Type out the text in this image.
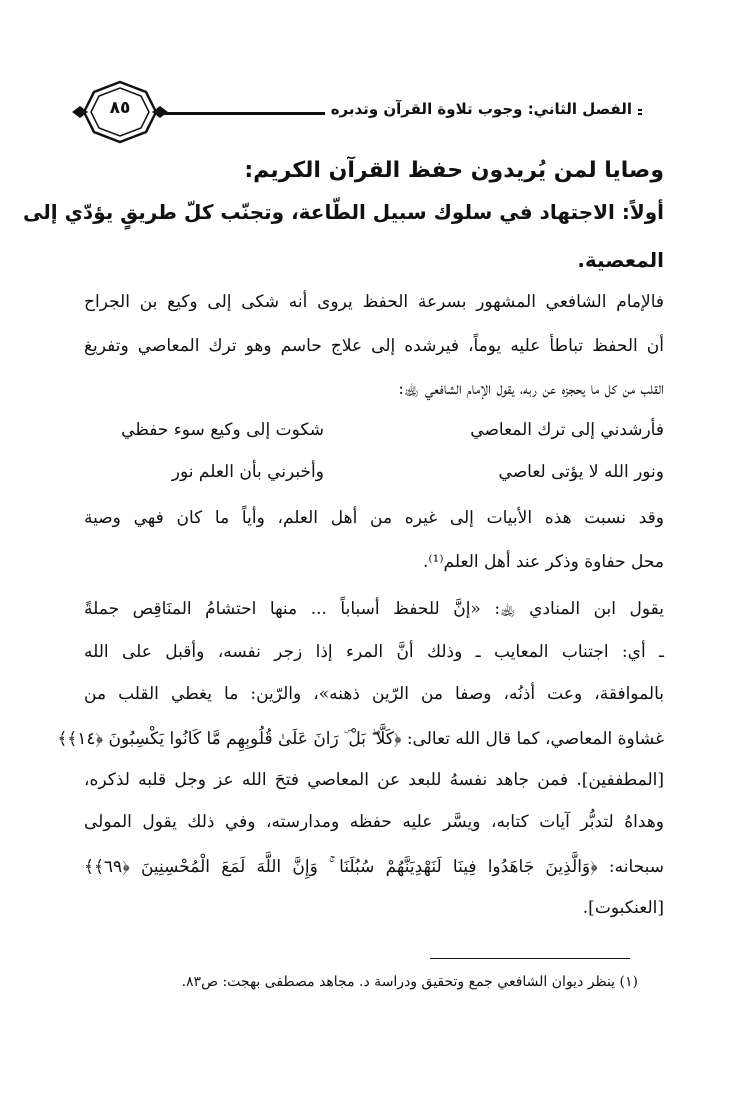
٨٥	الفصل الثاني: وجوب تلاوة القرآن وتدبره
وصايا لمن يُريدون حفظ القرآن الكريم:
أولاً: الاجتهاد في سلوك سبيل الطّاعة، وتجنّب كلّ طريقٍ يؤدّي إلى
المعصية.
فالإمام الشافعي المشهور بسرعة الحفظ يروى أنه شكى إلى وكيع بن الجراح
أن الحفظ تباطأ عليه يوماً، فيرشده إلى علاج حاسم وهو ترك المعاصي وتفريغ
القلب من كل ما يحجزه عن ربه، يقول الإمام الشافعي ﵀:
شكوت إلى وكيع سوء حفظي	فأرشدني إلى ترك المعاصي
وأخبرني بأن العلم نور	ونور الله لا يؤتى لعاصي
وقد نسبت هذه الأبيات إلى غيره من أهل العلم، وأياً ما كان فهي وصية
محل حفاوة وذكر عند أهل العلم⁽¹⁾.
يقول ابن المنادي ﵀: «إنَّ للحفظ أسباباً ... منها احتشامُ المنَاقِص جملةً
ـ أي: اجتناب المعايب ـ وذلك أنَّ المرء إذا زجر نفسه، وأقبل على الله
بالموافقة، وعت أذنُه، وصفا من الرّين ذهنه»، والرّين: ما يغطي القلب من
غشاوة المعاصي، كما قال الله تعالى: ﴿كَلَّا ۖ بَلْ ۜ رَانَ عَلَىٰ قُلُوبِهِم مَّا كَانُوا يَكْسِبُونَ ﴿١٤﴾﴾
[المطففين]. فمن جاهد نفسهُ للبعد عن المعاصي فتحَ الله عز وجل قلبه لذكره،
وهداهُ لتدبُّر آيات كتابه، ويسَّر عليه حفظه ومدارسته، وفي ذلك يقول المولى
سبحانه: ﴿وَالَّذِينَ جَاهَدُوا فِينَا لَنَهْدِيَنَّهُمْ سُبُلَنَا ۚ وَإِنَّ اللَّهَ لَمَعَ الْمُحْسِنِينَ ﴿٦٩﴾﴾
[العنكبوت].
(١) ينظر ديوان الشافعي جمع وتحقيق ودراسة د. مجاهد مصطفى بهجت: ص٨٣.
